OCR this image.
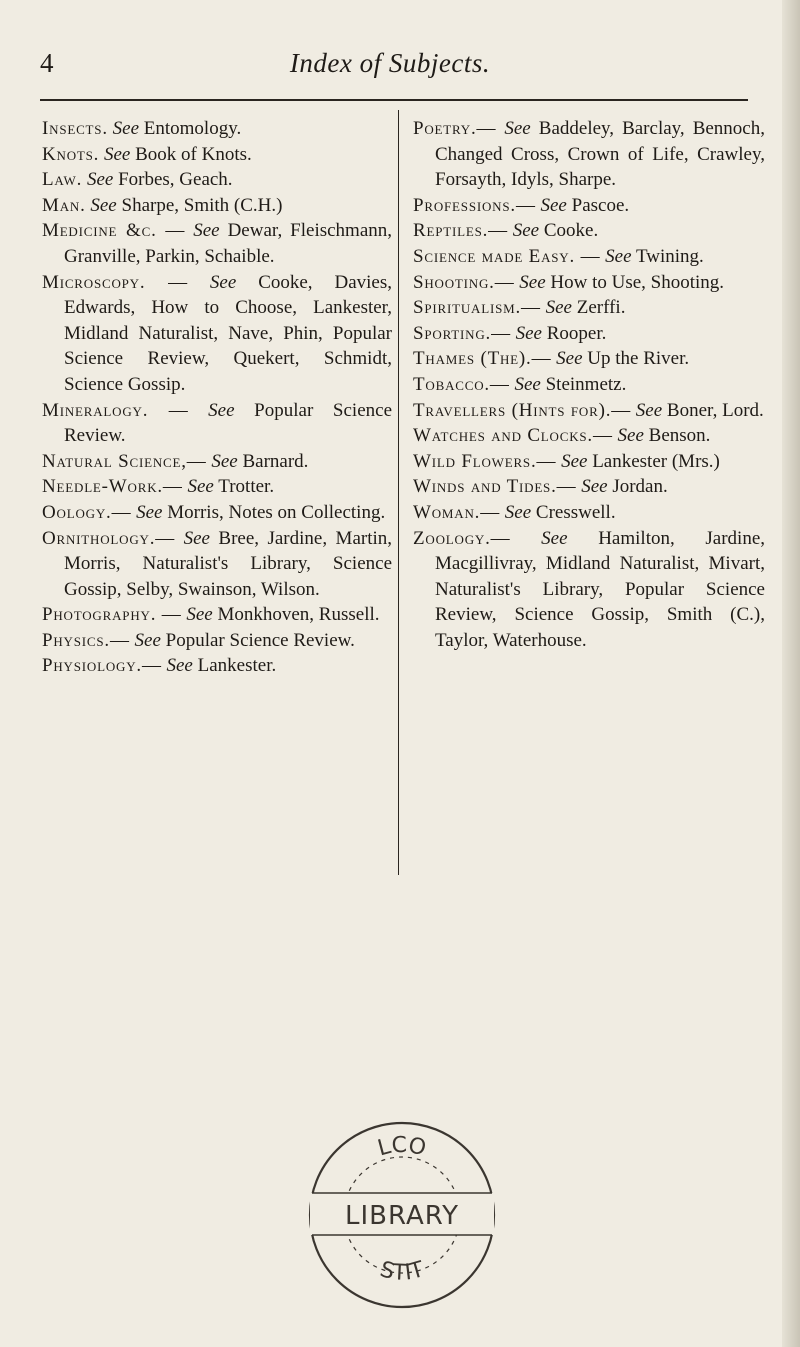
4	Index of Subjects.

Insects. See Entomology.

Knots. See Book of Knots.

Law. See Forbes, Geach.

Man. See Sharpe, Smith (C.H.)

Medicine &c. — See Dewar, Fleischmann, Granville, Parkin, Schaible.

Microscopy. — See Cooke, Davies, Edwards, How to Choose, Lankester, Midland Naturalist, Nave, Phin, Popular Science Review, Quekert, Schmidt, Science Gossip.

Mineralogy. — See Popular Science Review.

Natural Science,— See Barnard.

Needle-Work.— See Trotter.

Oology.— See Morris, Notes on Collecting.

Ornithology.— See Bree, Jardine, Martin, Morris, Naturalist's Library, Science Gossip, Selby, Swainson, Wilson.

Photography. — See Monkhoven, Russell.

Physics.— See Popular Science Review.

Physiology.— See Lankester.

Poetry.— See Baddeley, Barclay, Bennoch, Changed Cross, Crown of Life, Crawley, Forsayth, Idyls, Sharpe.

Professions.— See Pascoe.

Reptiles.— See Cooke.

Science made Easy. — See Twining.

Shooting.— See How to Use, Shooting.

Spiritualism.— See Zerffi.

Sporting.— See Rooper.

Thames (The).— See Up the River.

Tobacco.— See Steinmetz.

Travellers (Hints for).— See Boner, Lord.

Watches and Clocks.— See Benson.

Wild Flowers.— See Lankester (Mrs.)

Winds and Tides.— See Jordan.

Woman.— See Cresswell.

Zoology.— See Hamilton, Jardine, Macgillivray, Midland Naturalist, Mivart, Naturalist's Library, Popular Science Review, Science Gossip, Smith (C.), Taylor, Waterhouse.

LCO
STIT
LIBRARY
